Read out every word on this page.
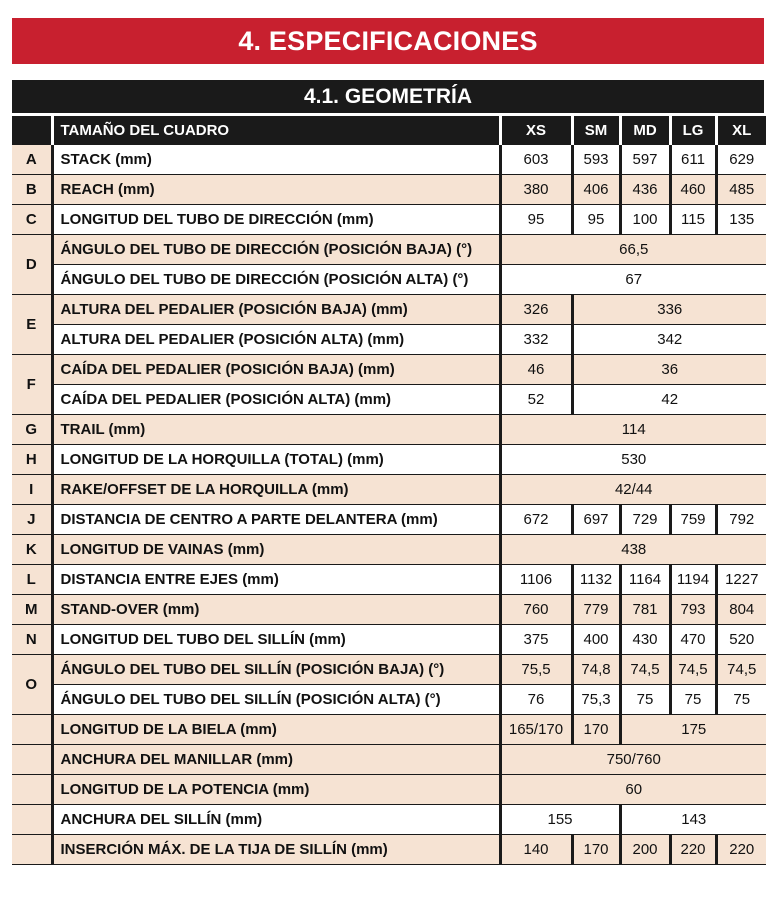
4. ESPECIFICACIONES
4.1. GEOMETRÍA
	TAMAÑO DEL CUADRO	XS	SM	MD	LG	XL
A	STACK (mm)	603	593	597	611	629
B	REACH (mm)	380	406	436	460	485
C	LONGITUD DEL TUBO DE DIRECCIÓN (mm)	95	95	100	115	135
D	ÁNGULO DEL TUBO DE DIRECCIÓN (POSICIÓN BAJA) (°)	66,5				
	ÁNGULO DEL TUBO DE DIRECCIÓN (POSICIÓN ALTA) (°)	67				
E	ALTURA DEL PEDALIER (POSICIÓN BAJA) (mm)	326	336			
	ALTURA DEL PEDALIER (POSICIÓN ALTA) (mm)	332	342			
F	CAÍDA DEL PEDALIER (POSICIÓN BAJA) (mm)	46	36			
	CAÍDA DEL PEDALIER (POSICIÓN ALTA) (mm)	52	42			
G	TRAIL (mm)	114				
H	LONGITUD DE LA HORQUILLA (TOTAL) (mm)	530				
I	RAKE/OFFSET DE LA HORQUILLA (mm)	42/44				
J	DISTANCIA DE CENTRO A PARTE DELANTERA (mm)	672	697	729	759	792
K	LONGITUD DE VAINAS (mm)	438				
L	DISTANCIA ENTRE EJES (mm)	1106	1132	1164	1194	1227
M	STAND-OVER (mm)	760	779	781	793	804
N	LONGITUD DEL TUBO DEL SILLÍN (mm)	375	400	430	470	520
O	ÁNGULO DEL TUBO DEL SILLÍN (POSICIÓN BAJA) (°)	75,5	74,8	74,5	74,5	74,5
	ÁNGULO DEL TUBO DEL SILLÍN (POSICIÓN ALTA) (°)	76	75,3	75	75	75
	LONGITUD DE LA BIELA (mm)	165/170	170	175		
	ANCHURA DEL MANILLAR (mm)	750/760				
	LONGITUD DE LA POTENCIA (mm)	60				
	ANCHURA DEL SILLÍN (mm)	155		143		
	INSERCIÓN MÁX. DE LA TIJA DE SILLÍN (mm)	140	170	200	220	220
